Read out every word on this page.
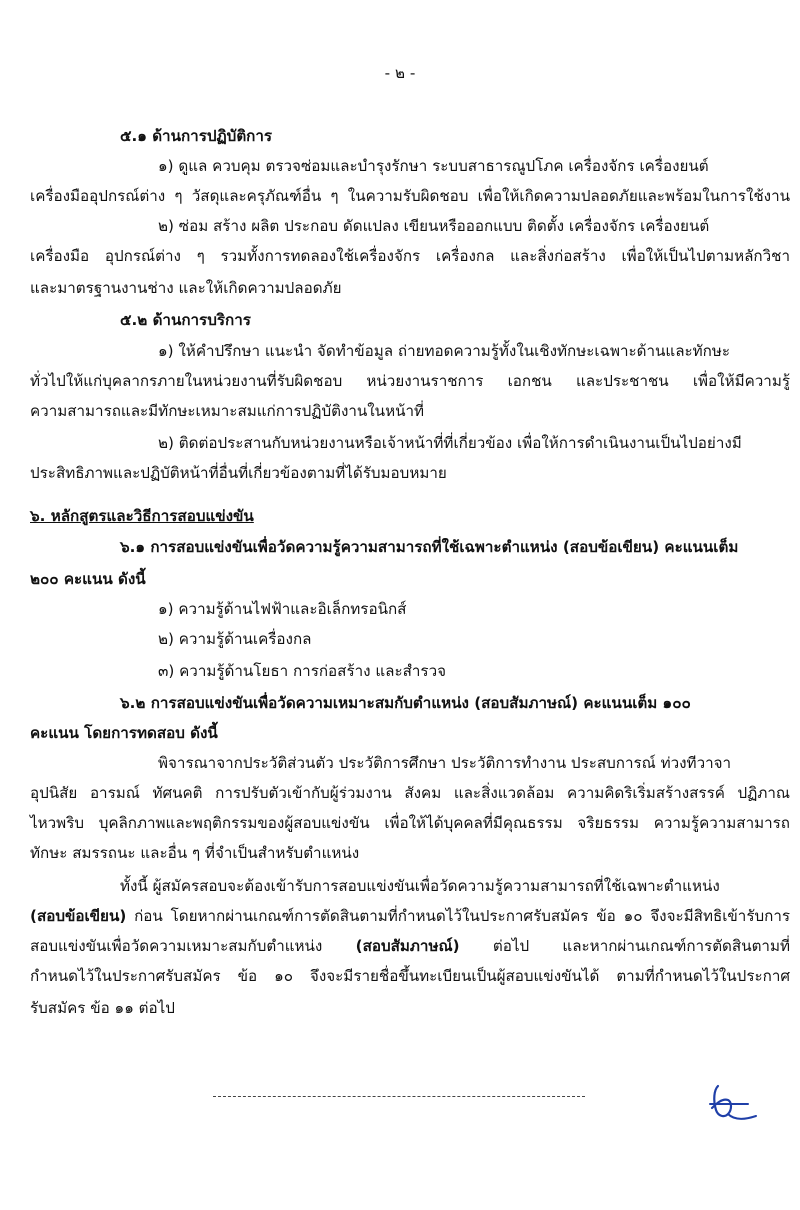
- ๒ -
๕.๑ ด้านการปฏิบัติการ
๑) ดูแล ควบคุม ตรวจซ่อมและบำรุงรักษา ระบบสาธารณูปโภค เครื่องจักร เครื่องยนต์
เครื่องมืออุปกรณ์ต่าง ๆ วัสดุและครุภัณฑ์อื่น ๆ ในความรับผิดชอบ เพื่อให้เกิดความปลอดภัยและพร้อมในการใช้งาน
๒) ซ่อม สร้าง ผลิต ประกอบ ดัดแปลง เขียนหรือออกแบบ ติดตั้ง เครื่องจักร เครื่องยนต์
เครื่องมือ อุปกรณ์ต่าง ๆ รวมทั้งการทดลองใช้เครื่องจักร เครื่องกล และสิ่งก่อสร้าง เพื่อให้เป็นไปตามหลักวิชา
และมาตรฐานงานช่าง และให้เกิดความปลอดภัย
๕.๒ ด้านการบริการ
๑) ให้คำปรึกษา แนะนำ จัดทำข้อมูล ถ่ายทอดความรู้ทั้งในเชิงทักษะเฉพาะด้านและทักษะ
ทั่วไปให้แก่บุคลากรภายในหน่วยงานที่รับผิดชอบ หน่วยงานราชการ เอกชน และประชาชน เพื่อให้มีความรู้
ความสามารถและมีทักษะเหมาะสมแก่การปฏิบัติงานในหน้าที่
๒) ติดต่อประสานกับหน่วยงานหรือเจ้าหน้าที่ที่เกี่ยวข้อง เพื่อให้การดำเนินงานเป็นไปอย่างมี
ประสิทธิภาพและปฏิบัติหน้าที่อื่นที่เกี่ยวข้องตามที่ได้รับมอบหมาย
๖. หลักสูตรและวิธีการสอบแข่งขัน
๖.๑ การสอบแข่งขันเพื่อวัดความรู้ความสามารถที่ใช้เฉพาะตำแหน่ง (สอบข้อเขียน) คะแนนเต็ม
๒๐๐ คะแนน ดังนี้
๑) ความรู้ด้านไฟฟ้าและอิเล็กทรอนิกส์
๒) ความรู้ด้านเครื่องกล
๓) ความรู้ด้านโยธา การก่อสร้าง และสำรวจ
๖.๒ การสอบแข่งขันเพื่อวัดความเหมาะสมกับตำแหน่ง (สอบสัมภาษณ์) คะแนนเต็ม ๑๐๐
คะแนน โดยการทดสอบ ดังนี้
พิจารณาจากประวัติส่วนตัว ประวัติการศึกษา ประวัติการทำงาน ประสบการณ์ ท่วงทีวาจา
อุปนิสัย อารมณ์ ทัศนคติ การปรับตัวเข้ากับผู้ร่วมงาน สังคม และสิ่งแวดล้อม ความคิดริเริ่มสร้างสรรค์ ปฏิภาณ
ไหวพริบ บุคลิกภาพและพฤติกรรมของผู้สอบแข่งขัน เพื่อให้ได้บุคคลที่มีคุณธรรม จริยธรรม ความรู้ความสามารถ
ทักษะ สมรรถนะ และอื่น ๆ ที่จำเป็นสำหรับตำแหน่ง
ทั้งนี้ ผู้สมัครสอบจะต้องเข้ารับการสอบแข่งขันเพื่อวัดความรู้ความสามารถที่ใช้เฉพาะตำแหน่ง
(สอบข้อเขียน) ก่อน โดยหากผ่านเกณฑ์การตัดสินตามที่กำหนดไว้ในประกาศรับสมัคร ข้อ ๑๐ จึงจะมีสิทธิเข้ารับการ
สอบแข่งขันเพื่อวัดความเหมาะสมกับตำแหน่ง (สอบสัมภาษณ์) ต่อไป และหากผ่านเกณฑ์การตัดสินตามที่
กำหนดไว้ในประกาศรับสมัคร ข้อ ๑๐ จึงจะมีรายชื่อขึ้นทะเบียนเป็นผู้สอบแข่งขันได้ ตามที่กำหนดไว้ในประกาศ
รับสมัคร ข้อ ๑๑ ต่อไป
